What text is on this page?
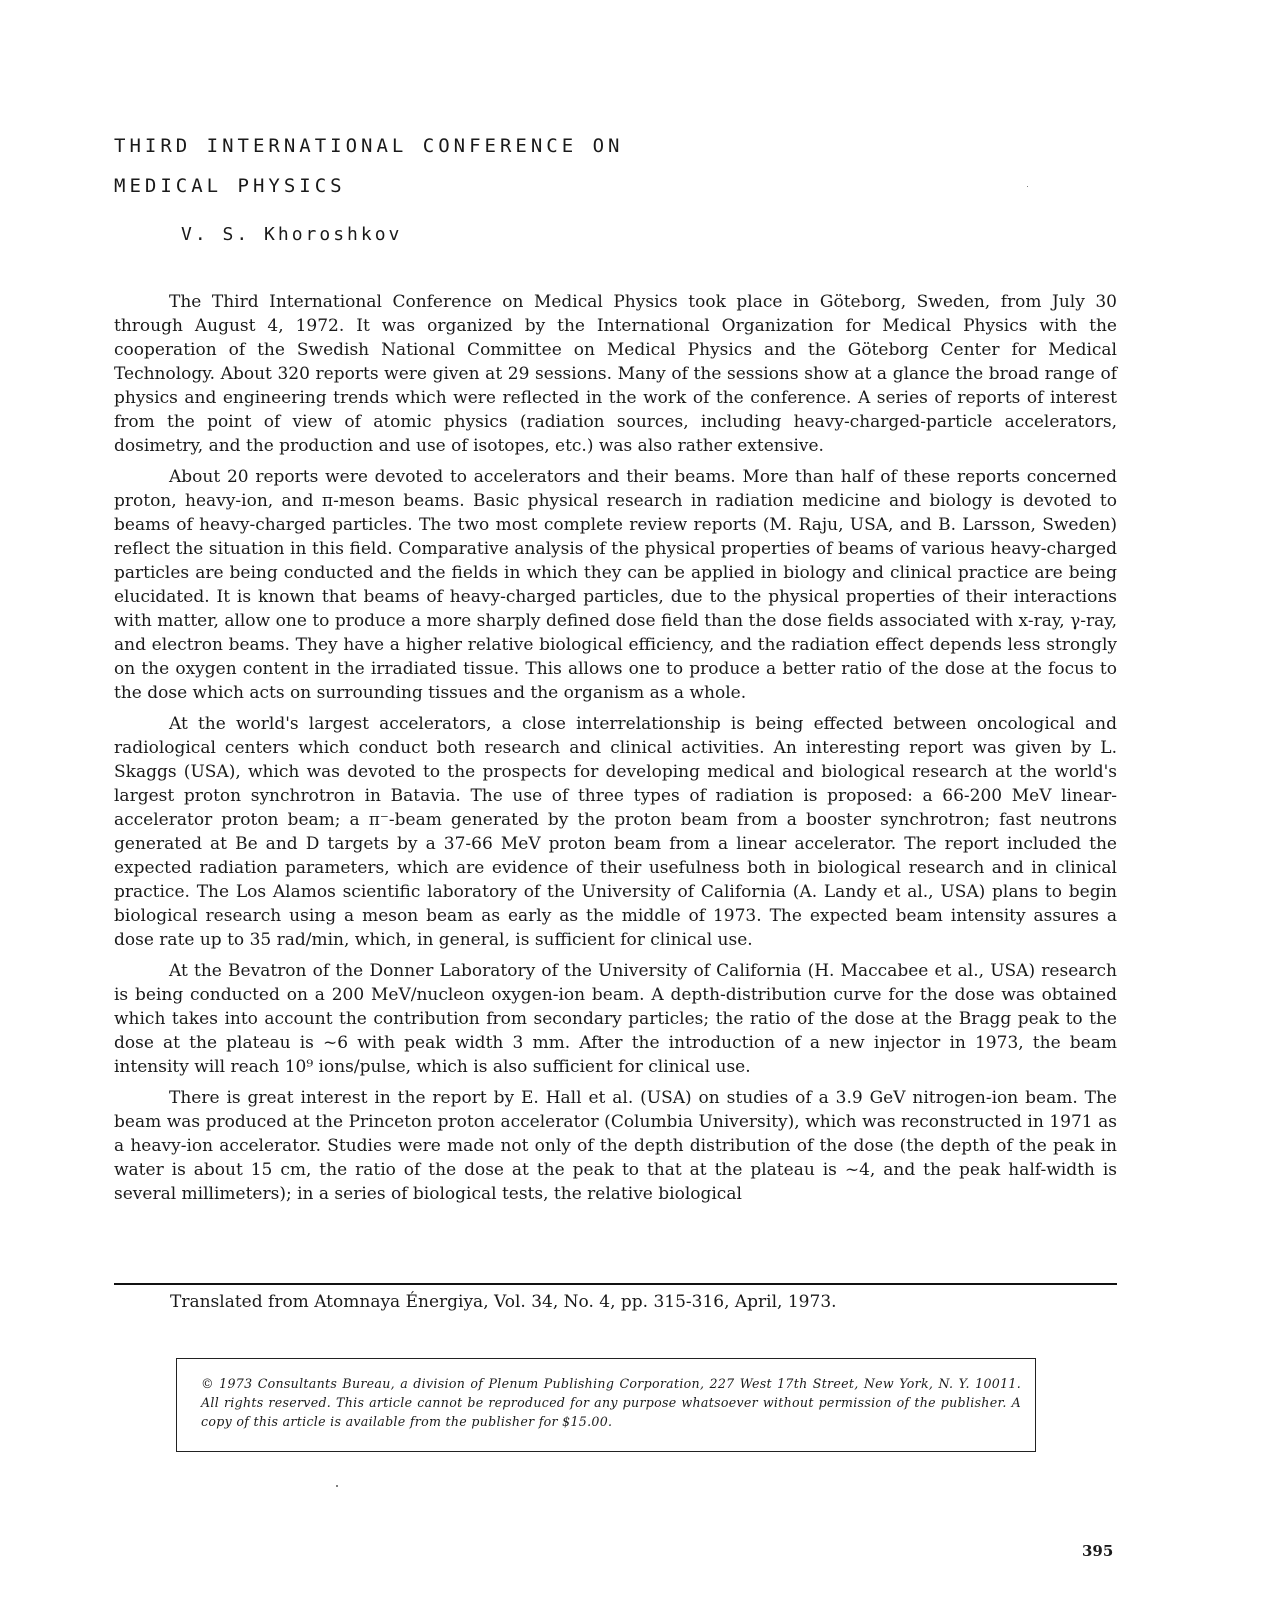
THIRD INTERNATIONAL CONFERENCE ON
MEDICAL PHYSICS
V. S. Khoroshkov

The Third International Conference on Medical Physics took place in Göteborg, Sweden, from July 30 through August 4, 1972. It was organized by the International Organization for Medical Physics with the cooperation of the Swedish National Committee on Medical Physics and the Göteborg Center for Medical Technology. About 320 reports were given at 29 sessions. Many of the sessions show at a glance the broad range of physics and engineering trends which were reflected in the work of the conference. A series of reports of interest from the point of view of atomic physics (radiation sources, including heavy-charged-particle accelerators, dosimetry, and the production and use of isotopes, etc.) was also rather extensive.

About 20 reports were devoted to accelerators and their beams. More than half of these reports concerned proton, heavy-ion, and π-meson beams. Basic physical research in radiation medicine and biology is devoted to beams of heavy-charged particles. The two most complete review reports (M. Raju, USA, and B. Larsson, Sweden) reflect the situation in this field. Comparative analysis of the physical properties of beams of various heavy-charged particles are being conducted and the fields in which they can be applied in biology and clinical practice are being elucidated. It is known that beams of heavy-charged particles, due to the physical properties of their interactions with matter, allow one to produce a more sharply defined dose field than the dose fields associated with x-ray, γ-ray, and electron beams. They have a higher relative biological efficiency, and the radiation effect depends less strongly on the oxygen content in the irradiated tissue. This allows one to produce a better ratio of the dose at the focus to the dose which acts on surrounding tissues and the organism as a whole.

At the world's largest accelerators, a close interrelationship is being effected between oncological and radiological centers which conduct both research and clinical activities. An interesting report was given by L. Skaggs (USA), which was devoted to the prospects for developing medical and biological research at the world's largest proton synchrotron in Batavia. The use of three types of radiation is proposed: a 66-200 MeV linear-accelerator proton beam; a π⁻-beam generated by the proton beam from a booster synchrotron; fast neutrons generated at Be and D targets by a 37-66 MeV proton beam from a linear accelerator. The report included the expected radiation parameters, which are evidence of their usefulness both in biological research and in clinical practice. The Los Alamos scientific laboratory of the University of California (A. Landy et al., USA) plans to begin biological research using a meson beam as early as the middle of 1973. The expected beam intensity assures a dose rate up to 35 rad/min, which, in general, is sufficient for clinical use.

At the Bevatron of the Donner Laboratory of the University of California (H. Maccabee et al., USA) research is being conducted on a 200 MeV/nucleon oxygen-ion beam. A depth-distribution curve for the dose was obtained which takes into account the contribution from secondary particles; the ratio of the dose at the Bragg peak to the dose at the plateau is ~6 with peak width 3 mm. After the introduction of a new injector in 1973, the beam intensity will reach 10⁹ ions/pulse, which is also sufficient for clinical use.

There is great interest in the report by E. Hall et al. (USA) on studies of a 3.9 GeV nitrogen-ion beam. The beam was produced at the Princeton proton accelerator (Columbia University), which was reconstructed in 1971 as a heavy-ion accelerator. Studies were made not only of the depth distribution of the dose (the depth of the peak in water is about 15 cm, the ratio of the dose at the peak to that at the plateau is ~4, and the peak half-width is several millimeters); in a series of biological tests, the relative biological

Translated from Atomnaya Énergiya, Vol. 34, No. 4, pp. 315-316, April, 1973.

© 1973 Consultants Bureau, a division of Plenum Publishing Corporation, 227 West 17th Street, New York, N. Y. 10011. All rights reserved. This article cannot be reproduced for any purpose whatsoever without permission of the publisher. A copy of this article is available from the publisher for $15.00.

395
